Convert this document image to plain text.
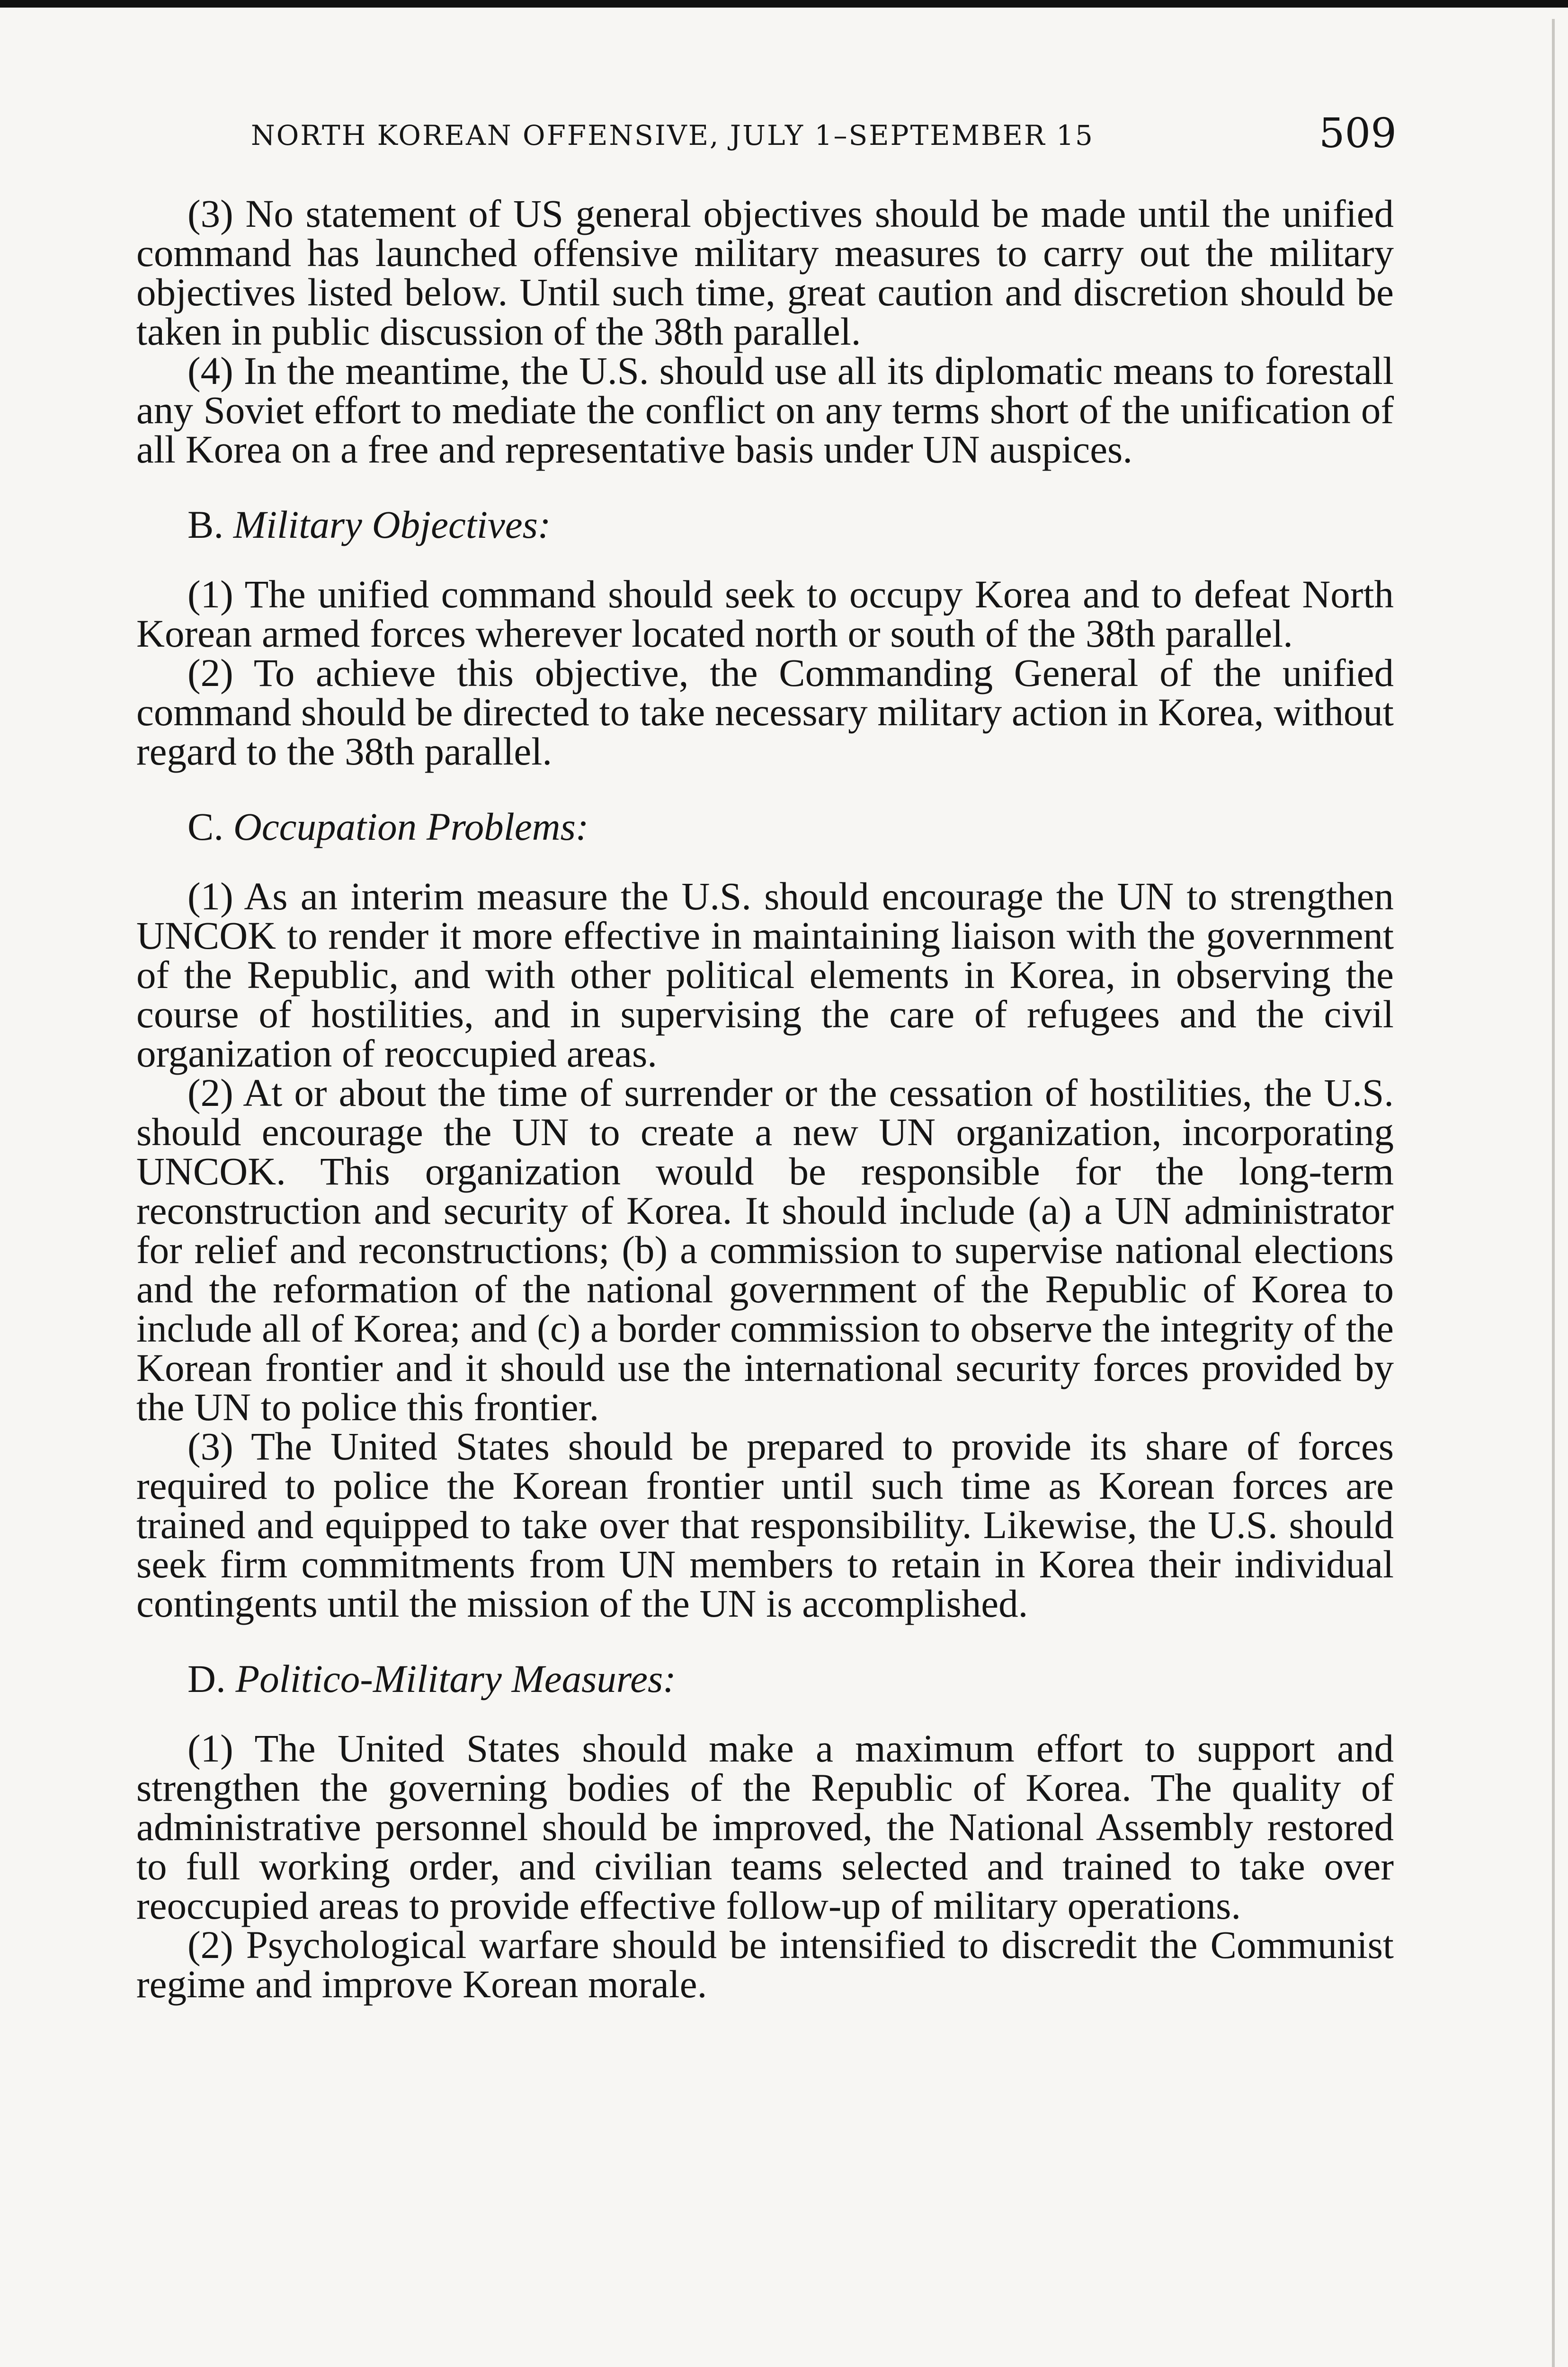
NORTH KOREAN OFFENSIVE, JULY 1–SEPTEMBER 15	509

(3) No statement of US general objectives should be made until the unified command has launched offensive military measures to carry out the military objectives listed below. Until such time, great caution and discretion should be taken in public discussion of the 38th parallel.

(4) In the meantime, the U.S. should use all its diplomatic means to forestall any Soviet effort to mediate the conflict on any terms short of the unification of all Korea on a free and representative basis under UN auspices.

B. Military Objectives:

(1) The unified command should seek to occupy Korea and to defeat North Korean armed forces wherever located north or south of the 38th parallel.

(2) To achieve this objective, the Commanding General of the unified command should be directed to take necessary military action in Korea, without regard to the 38th parallel.

C. Occupation Problems:

(1) As an interim measure the U.S. should encourage the UN to strengthen UNCOK to render it more effective in maintaining liaison with the government of the Republic, and with other political elements in Korea, in observing the course of hostilities, and in supervising the care of refugees and the civil organization of reoccupied areas.

(2) At or about the time of surrender or the cessation of hostilities, the U.S. should encourage the UN to create a new UN organization, incorporating UNCOK. This organization would be responsible for the long-term reconstruction and security of Korea. It should include (a) a UN administrator for relief and reconstructions; (b) a commission to supervise national elections and the reformation of the national government of the Republic of Korea to include all of Korea; and (c) a border commission to observe the integrity of the Korean frontier and it should use the international security forces provided by the UN to police this frontier.

(3) The United States should be prepared to provide its share of forces required to police the Korean frontier until such time as Korean forces are trained and equipped to take over that responsibility. Likewise, the U.S. should seek firm commitments from UN members to retain in Korea their individual contingents until the mission of the UN is accomplished.

D. Politico-Military Measures:

(1) The United States should make a maximum effort to support and strengthen the governing bodies of the Republic of Korea. The quality of administrative personnel should be improved, the National Assembly restored to full working order, and civilian teams selected and trained to take over reoccupied areas to provide effective follow-up of military operations.

(2) Psychological warfare should be intensified to discredit the Communist regime and improve Korean morale.
